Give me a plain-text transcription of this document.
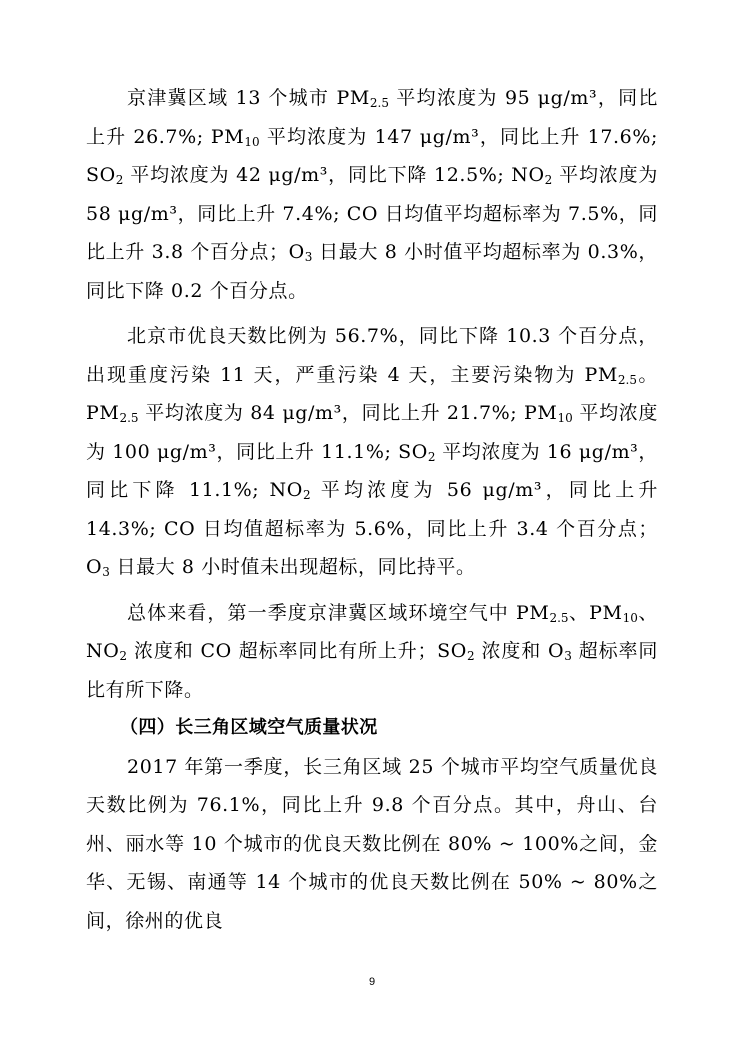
京津冀区域 13 个城市 $PM_{2.5}$ 平均浓度为 95 μg/m³，同比上升 26.7%; $PM_{10}$ 平均浓度为 147 μg/m³，同比上升 17.6%; $SO_2$ 平均浓度为 42 μg/m³，同比下降 12.5%; $NO_2$ 平均浓度为 58 μg/m³，同比上升 7.4%; CO 日均值平均超标率为 7.5%，同比上升 3.8 个百分点；$O_3$ 日最大 8 小时值平均超标率为 0.3%，同比下降 0.2 个百分点。

北京市优良天数比例为 56.7%，同比下降 10.3 个百分点，出现重度污染 11 天，严重污染 4 天，主要污染物为 $PM_{2.5}$。$PM_{2.5}$ 平均浓度为 84 μg/m³，同比上升 21.7%; $PM_{10}$ 平均浓度为 100 μg/m³，同比上升 11.1%; $SO_2$ 平均浓度为 16 μg/m³，同比下降 11.1%; $NO_2$ 平均浓度为 56 μg/m³，同比上升 14.3%; CO 日均值超标率为 5.6%，同比上升 3.4 个百分点；$O_3$ 日最大 8 小时值未出现超标，同比持平。

总体来看，第一季度京津冀区域环境空气中 $PM_{2.5}$、$PM_{10}$、$NO_2$ 浓度和 CO 超标率同比有所上升；$SO_2$ 浓度和 $O_3$ 超标率同比有所下降。

（四）长三角区域空气质量状况

2017 年第一季度，长三角区域 25 个城市平均空气质量优良天数比例为 76.1%，同比上升 9.8 个百分点。其中，舟山、台州、丽水等 10 个城市的优良天数比例在 80% ~ 100%之间，金华、无锡、南通等 14 个城市的优良天数比例在 50% ~ 80%之间，徐州的优良

9
